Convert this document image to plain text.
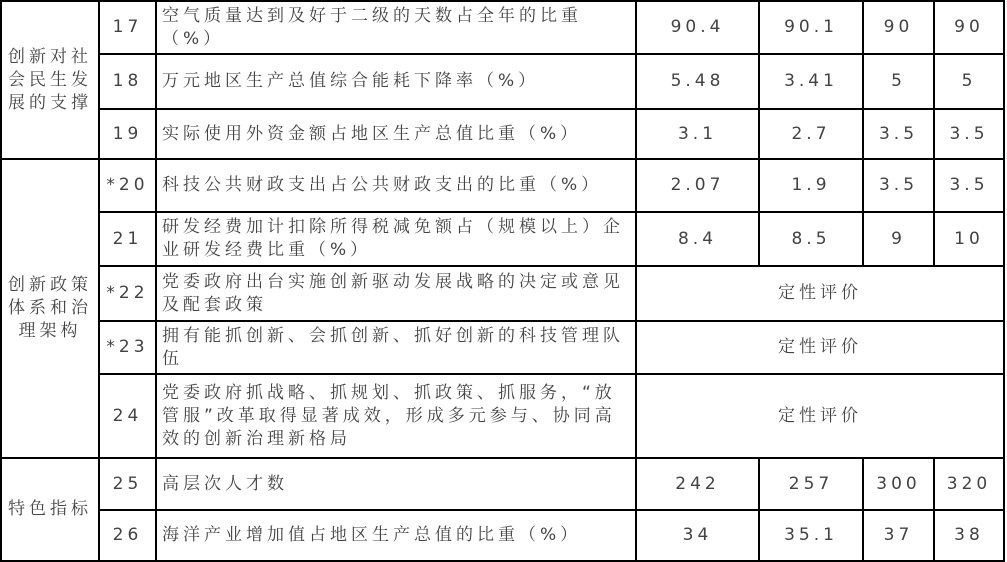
创新对社会民生发展的支撑	17	空气质量达到及好于二级的天数占全年的比重（%）	90.4	90.1	90	90
	18	万元地区生产总值综合能耗下降率（%）	5.48	3.41	5	5
	19	实际使用外资金额占地区生产总值比重（%）	3.1	2.7	3.5	3.5
创新政策体系和治理架构	*20	科技公共财政支出占公共财政支出的比重（%）	2.07	1.9	3.5	3.5
	21	研发经费加计扣除所得税减免额占（规模以上）企业研发经费比重（%）	8.4	8.5	9	10
	*22	党委政府出台实施创新驱动发展战略的决定或意见及配套政策	定性评价			
	*23	拥有能抓创新、会抓创新、抓好创新的科技管理队伍	定性评价			
	24	党委政府抓战略、抓规划、抓政策、抓服务，“放管服”改革取得显著成效，形成多元参与、协同高效的创新治理新格局	定性评价			
特色指标	25	高层次人才数	242	257	300	320
	26	海洋产业增加值占地区生产总值的比重（%）	34	35.1	37	38
